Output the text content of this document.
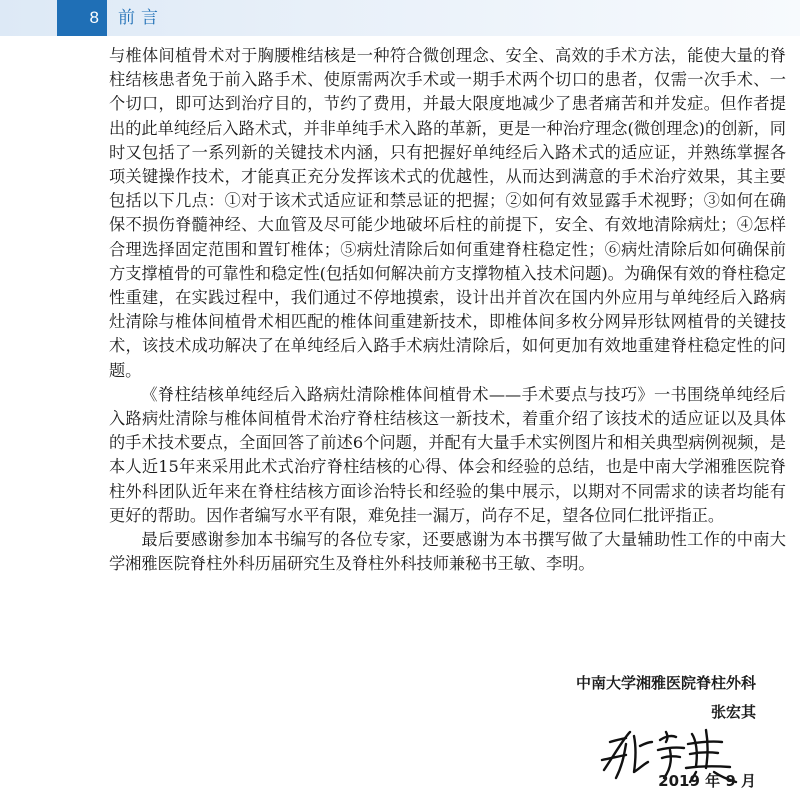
8	前言

与椎体间植骨术对于胸腰椎结核是一种符合微创理念、安全、高效的手术方法，能使大量的脊柱结核患者免于前入路手术、使原需两次手术或一期手术两个切口的患者，仅需一次手术、一个切口，即可达到治疗目的，节约了费用，并最大限度地减少了患者痛苦和并发症。但作者提出的此单纯经后入路术式，并非单纯手术入路的革新，更是一种治疗理念(微创理念)的创新，同时又包括了一系列新的关键技术内涵，只有把握好单纯经后入路术式的适应证，并熟练掌握各项关键操作技术，才能真正充分发挥该术式的优越性，从而达到满意的手术治疗效果，其主要包括以下几点：①对于该术式适应证和禁忌证的把握；②如何有效显露手术视野；③如何在确保不损伤脊髓神经、大血管及尽可能少地破坏后柱的前提下，安全、有效地清除病灶；④怎样合理选择固定范围和置钉椎体；⑤病灶清除后如何重建脊柱稳定性；⑥病灶清除后如何确保前方支撑植骨的可靠性和稳定性(包括如何解决前方支撑物植入技术问题)。为确保有效的脊柱稳定性重建，在实践过程中，我们通过不停地摸索，设计出并首次在国内外应用与单纯经后入路病灶清除与椎体间植骨术相匹配的椎体间重建新技术，即椎体间多枚分网异形钛网植骨的关键技术，该技术成功解决了在单纯经后入路手术病灶清除后，如何更加有效地重建脊柱稳定性的问题。

《脊柱结核单纯经后入路病灶清除椎体间植骨术——手术要点与技巧》一书围绕单纯经后入路病灶清除与椎体间植骨术治疗脊柱结核这一新技术，着重介绍了该技术的适应证以及具体的手术技术要点，全面回答了前述6个问题，并配有大量手术实例图片和相关典型病例视频，是本人近15年来采用此术式治疗脊柱结核的心得、体会和经验的总结，也是中南大学湘雅医院脊柱外科团队近年来在脊柱结核方面诊治特长和经验的集中展示，以期对不同需求的读者均能有更好的帮助。因作者编写水平有限，难免挂一漏万，尚存不足，望各位同仁批评指正。

最后要感谢参加本书编写的各位专家，还要感谢为本书撰写做了大量辅助性工作的中南大学湘雅医院脊柱外科历届研究生及脊柱外科技师兼秘书王敏、李明。

中南大学湘雅医院脊柱外科
张宏其
2019 年 9 月
